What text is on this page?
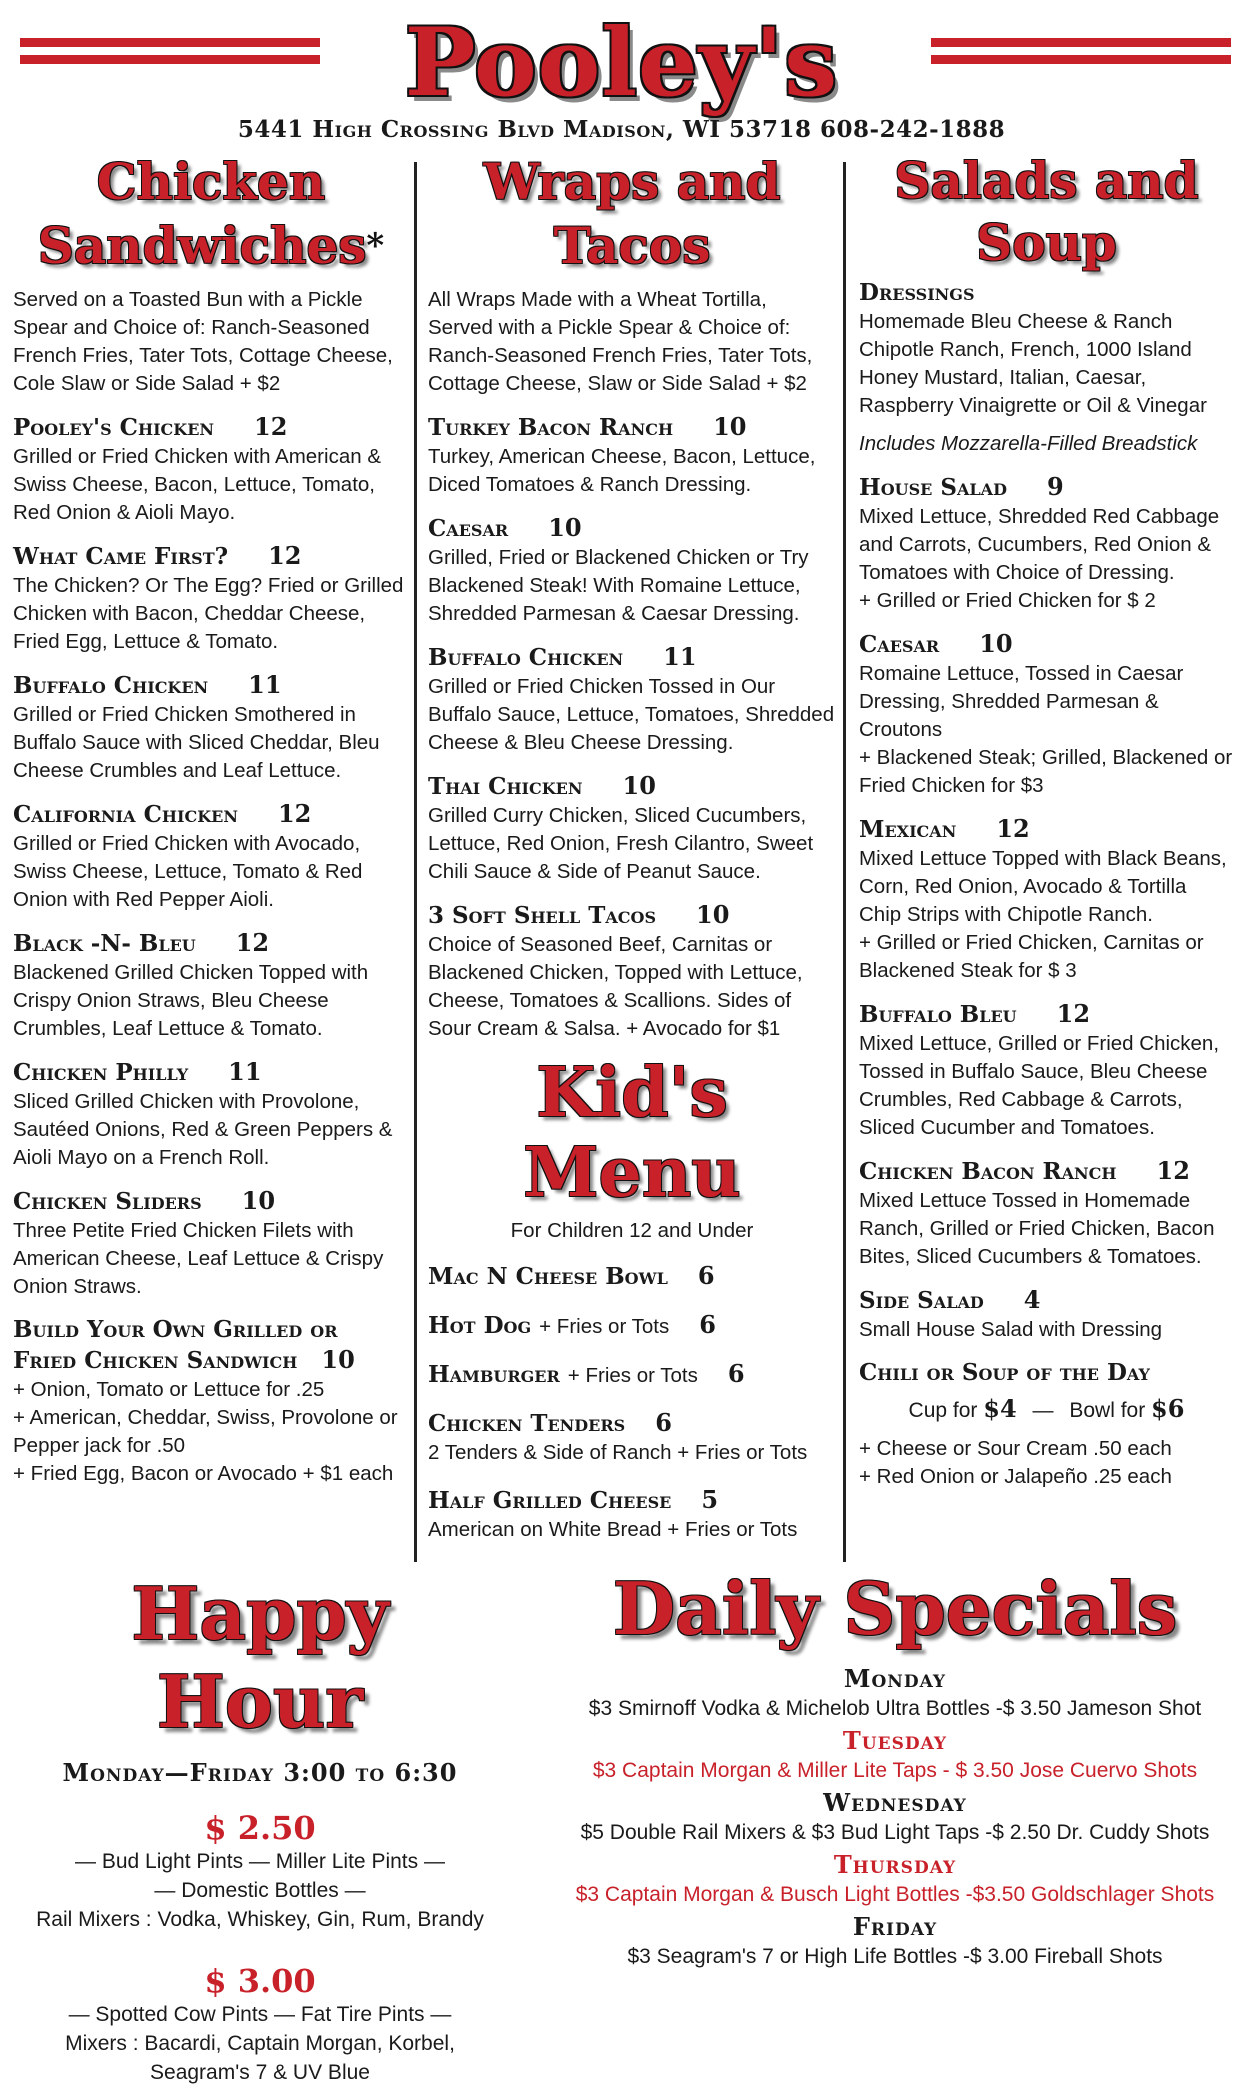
Pooley's
5441 High Crossing Blvd Madison, WI 53718 608-242-1888
Chicken Sandwiches*
Served on a Toasted Bun with a Pickle Spear and Choice of: Ranch-Seasoned French Fries, Tater Tots, Cottage Cheese, Cole Slaw or Side Salad + $2
Pooley's Chicken 12
Grilled or Fried Chicken with American & Swiss Cheese, Bacon, Lettuce, Tomato, Red Onion & Aioli Mayo.
What Came First? 12
The Chicken? Or The Egg? Fried or Grilled Chicken with Bacon, Cheddar Cheese, Fried Egg, Lettuce & Tomato.
Buffalo Chicken 11
Grilled or Fried Chicken Smothered in Buffalo Sauce with Sliced Cheddar, Bleu Cheese Crumbles and Leaf Lettuce.
California Chicken 12
Grilled or Fried Chicken with Avocado, Swiss Cheese, Lettuce, Tomato & Red Onion with Red Pepper Aioli.
Black -N- Bleu 12
Blackened Grilled Chicken Topped with Crispy Onion Straws, Bleu Cheese Crumbles, Leaf Lettuce & Tomato.
Chicken Philly 11
Sliced Grilled Chicken with Provolone, Sautéed Onions, Red & Green Peppers & Aioli Mayo on a French Roll.
Chicken Sliders 10
Three Petite Fried Chicken Filets with American Cheese, Leaf Lettuce & Crispy Onion Straws.
Build Your Own Grilled or
Fried Chicken Sandwich 10
+ Onion, Tomato or Lettuce for .25
+ American, Cheddar, Swiss, Provolone or Pepper jack for .50
+ Fried Egg, Bacon or Avocado + $1 each
Wraps and Tacos
All Wraps Made with a Wheat Tortilla, Served with a Pickle Spear & Choice of: Ranch-Seasoned French Fries, Tater Tots, Cottage Cheese, Slaw or Side Salad + $2
Turkey Bacon Ranch 10
Turkey, American Cheese, Bacon, Lettuce, Diced Tomatoes & Ranch Dressing.
Caesar 10
Grilled, Fried or Blackened Chicken or Try Blackened Steak! With Romaine Lettuce, Shredded Parmesan & Caesar Dressing.
Buffalo Chicken 11
Grilled or Fried Chicken Tossed in Our Buffalo Sauce, Lettuce, Tomatoes, Shredded Cheese & Bleu Cheese Dressing.
Thai Chicken 10
Grilled Curry Chicken, Sliced Cucumbers, Lettuce, Red Onion, Fresh Cilantro, Sweet Chili Sauce & Side of Peanut Sauce.
3 Soft Shell Tacos 10
Choice of Seasoned Beef, Carnitas or Blackened Chicken, Topped with Lettuce, Cheese, Tomatoes & Scallions. Sides of Sour Cream & Salsa. + Avocado for $1
Kid's Menu
For Children 12 and Under
Mac N Cheese Bowl 6
Hot Dog + Fries or Tots 6
Hamburger + Fries or Tots 6
Chicken Tenders 6
2 Tenders & Side of Ranch + Fries or Tots
Half Grilled Cheese 5
American on White Bread + Fries or Tots
Salads and Soup
Dressings
Homemade Bleu Cheese & Ranch Chipotle Ranch, French, 1000 Island Honey Mustard, Italian, Caesar, Raspberry Vinaigrette or Oil & Vinegar
Includes Mozzarella-Filled Breadstick
House Salad 9
Mixed Lettuce, Shredded Red Cabbage and Carrots, Cucumbers, Red Onion & Tomatoes with Choice of Dressing.
+ Grilled or Fried Chicken for $ 2
Caesar 10
Romaine Lettuce, Tossed in Caesar Dressing, Shredded Parmesan & Croutons
+ Blackened Steak; Grilled, Blackened or Fried Chicken for $3
Mexican 12
Mixed Lettuce Topped with Black Beans, Corn, Red Onion, Avocado & Tortilla Chip Strips with Chipotle Ranch.
+ Grilled or Fried Chicken, Carnitas or Blackened Steak for $ 3
Buffalo Bleu 12
Mixed Lettuce, Grilled or Fried Chicken, Tossed in Buffalo Sauce, Bleu Cheese Crumbles, Red Cabbage & Carrots, Sliced Cucumber and Tomatoes.
Chicken Bacon Ranch 12
Mixed Lettuce Tossed in Homemade Ranch, Grilled or Fried Chicken, Bacon Bites, Sliced Cucumbers & Tomatoes.
Side Salad 4
Small House Salad with Dressing
Chili or Soup of the Day
Cup for $4 — Bowl for $6
+ Cheese or Sour Cream .50 each
+ Red Onion or Jalapeño .25 each
Happy Hour
Monday—Friday 3:00 to 6:30
$ 2.50
— Bud Light Pints — Miller Lite Pints —
— Domestic Bottles —
Rail Mixers : Vodka, Whiskey, Gin, Rum, Brandy
$ 3.00
— Spotted Cow Pints — Fat Tire Pints —
Mixers : Bacardi, Captain Morgan, Korbel,
Seagram's 7 & UV Blue
Daily Specials
Monday
$3 Smirnoff Vodka & Michelob Ultra Bottles -$ 3.50 Jameson Shot
Tuesday
$3 Captain Morgan & Miller Lite Taps - $ 3.50 Jose Cuervo Shots
Wednesday
$5 Double Rail Mixers & $3 Bud Light Taps -$ 2.50 Dr. Cuddy Shots
Thursday
$3 Captain Morgan & Busch Light Bottles -$3.50 Goldschlager Shots
Friday
$3 Seagram's 7 or High Life Bottles -$ 3.00 Fireball Shots
